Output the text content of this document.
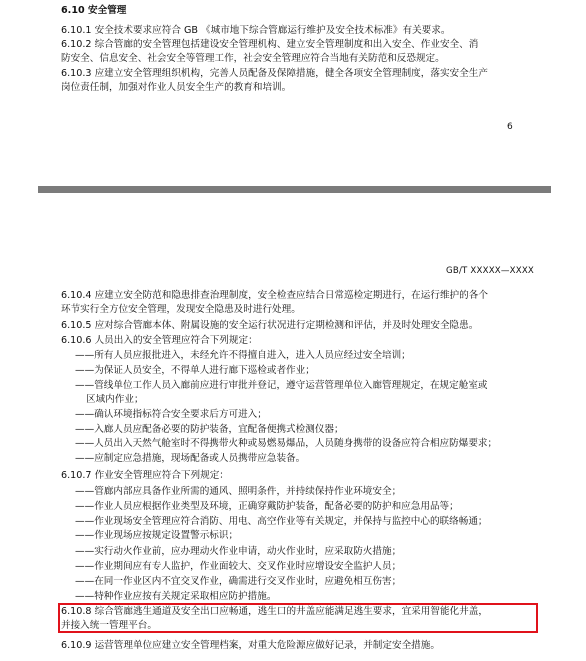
6.10 安全管理
6.10.1 安全技术要求应符合 GB 《城市地下综合管廊运行维护及安全技术标准》有关要求。
6.10.2 综合管廊的安全管理包括建设安全管理机构、建立安全管理制度和出入安全、作业安全、消
防安全、信息安全、社会安全等管理工作，社会安全管理应符合当地有关防范和反恐规定。
6.10.3 应建立安全管理组织机构，完善人员配备及保障措施，健全各项安全管理制度，落实安全生产
岗位责任制，加强对作业人员安全生产的教育和培训。
6
GB/T XXXXX—XXXX
6.10.4 应建立安全防范和隐患排查治理制度，安全检查应结合日常巡检定期进行，在运行维护的各个
环节实行全方位安全管理，发现安全隐患及时进行处理。
6.10.5 应对综合管廊本体、附属设施的安全运行状况进行定期检测和评估，并及时处理安全隐患。
6.10.6 人员出入的安全管理应符合下列规定：
——所有人员应报批进入，未经允许不得擅自进入，进入人员应经过安全培训；
——为保证人员安全，不得单人进行廊下巡检或者作业；
——管线单位工作人员入廊前应进行审批并登记，遵守运营管理单位入廊管理规定，在规定舱室或
区域内作业；
——确认环境指标符合安全要求后方可进入；
——入廊人员应配备必要的防护装备，宜配备便携式检测仪器；
——人员出入天然气舱室时不得携带火种或易燃易爆品，人员随身携带的设备应符合相应防爆要求；
——应制定应急措施，现场配备或人员携带应急装备。
6.10.7 作业安全管理应符合下列规定：
——管廊内部应具备作业所需的通风、照明条件，并持续保持作业环境安全；
——作业人员应根据作业类型及环境，正确穿戴防护装备，配备必要的防护和应急用品等；
——作业现场安全管理应符合消防、用电、高空作业等有关规定，并保持与监控中心的联络畅通；
——作业现场应按规定设置警示标识；
——实行动火作业前，应办理动火作业申请，动火作业时，应采取防火措施；
——作业期间应有专人监护，作业面较大、交叉作业时应增设安全监护人员；
——在同一作业区内不宜交叉作业，确需进行交叉作业时，应避免相互伤害；
——特种作业应按有关规定采取相应防护措施。
6.10.8 综合管廊逃生通道及安全出口应畅通，逃生口的井盖应能满足逃生要求，宜采用智能化井盖，
并接入统一管理平台。
6.10.9 运营管理单位应建立安全管理档案，对重大危险源应做好记录，并制定安全措施。
